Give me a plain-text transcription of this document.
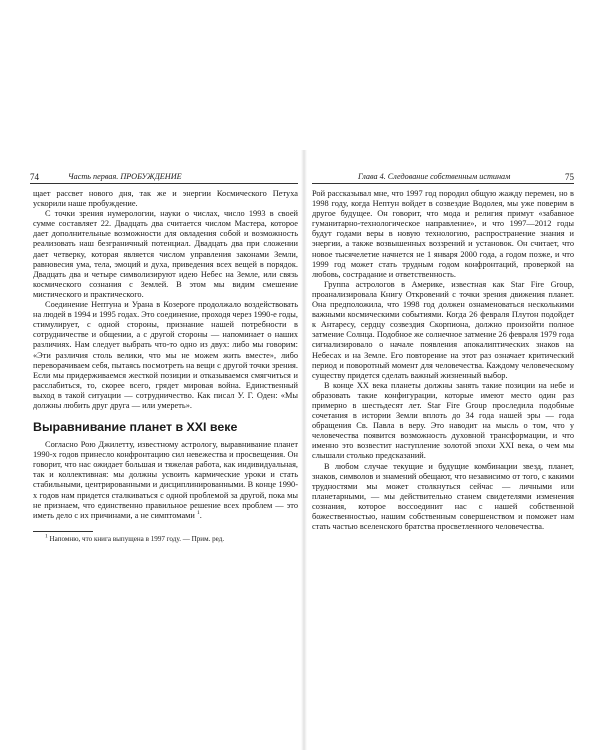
74	Часть первая. ПРОБУЖДЕНИЕ

щает рассвет нового дня, так же и энергии Космического Петуха ускорили наше пробуждение.

С точки зрения нумерологии, науки о числах, число 1993 в своей сумме составляет 22. Двадцать два считается числом Мастера, которое дает дополнительные возможности для овладения собой и возможность реализовать наш безграничный потенциал. Двадцать два при сложении дает четверку, которая является числом управления законами Земли, равновесия ума, тела, эмоций и духа, приведения всех вещей в порядок. Двадцать два и четыре символизируют идею Небес на Земле, или связь космического сознания с Землей. В этом мы видим смешение мистического и практического.

Соединение Нептуна и Урана в Козероге продолжало воздействовать на людей в 1994 и 1995 годах. Это соединение, проходя через 1990-е годы, стимулирует, с одной стороны, признание нашей потребности в сотрудничестве и общении, а с другой стороны — напоминает о наших различиях. Нам следует выбрать что-то одно из двух: либо мы говорим: «Эти различия столь велики, что мы не можем жить вместе», либо переворачиваем себя, пытаясь посмотреть на вещи с другой точки зрения. Если мы придерживаемся жесткой позиции и отказываемся смягчиться и расслабиться, то, скорее всего, грядет мировая война. Единственный выход в такой ситуации — сотрудничество. Как писал У. Г. Оден: «Мы должны любить друг друга — или умереть».

Выравнивание планет в XXI веке

Согласно Рою Джилетту, известному астрологу, выравнивание планет 1990-х годов принесло конфронтацию сил невежества и просвещения. Он говорит, что нас ожидает большая и тяжелая работа, как индивидуальная, так и коллективная: мы должны усвоить кармические уроки и стать стабильными, центрированными и дисциплинированными. В конце 1990-х годов нам придется сталкиваться с одной проблемой за другой, пока мы не признаем, что единственно правильное решение всех проблем — это иметь дело с их причинами, а не симптомами $^1$.

$^1$ Напомню, что книга выпущена в 1997 году. — Прим. ред.

Глава 4. Следование собственным истинам	75

Рой рассказывал мне, что 1997 год породил общую жажду перемен, но в 1998 году, когда Нептун войдет в созвездие Водолея, мы уже поверим в другое будущее. Он говорит, что мода и религия примут «забавное гуманитарно-технологическое направление», и что 1997—2012 годы будут годами веры в новую технологию, распространение знания и энергии, а также возвышенных воззрений и установок. Он считает, что новое тысячелетие начнется не 1 января 2000 года, а годом позже, и что 1999 год может стать трудным годом конфронтаций, проверкой на любовь, сострадание и ответственность.

Группа астрологов в Америке, известная как Star Fire Group, проанализировала Книгу Откровений с точки зрения движения планет. Она предположила, что 1998 год должен ознаменоваться несколькими важными космическими событиями. Когда 26 февраля Плутон подойдет к Антаресу, сердцу созвездия Скорпиона, должно произойти полное затмение Солнца. Подобное же солнечное затмение 26 февраля 1979 года сигнализировало о начале появления апокалиптических знаков на Небесах и на Земле. Его повторение на этот раз означает критический период и поворотный момент для человечества. Каждому человеческому существу придется сделать важный жизненный выбор.

В конце XX века планеты должны занять такие позиции на небе и образовать такие конфигурации, которые имеют место один раз примерно в шестьдесят лет. Star Fire Group проследила подобные сочетания в истории Земли вплоть до 34 года нашей эры — года обращения Св. Павла в веру. Это наводит на мысль о том, что у человечества появится возможность духовной трансформации, и что именно это возвестит наступление золотой эпохи XXI века, о чем мы слышали столько предсказаний.

В любом случае текущие и будущие комбинации звезд, планет, знаков, символов и знамений обещают, что независимо от того, с какими трудностями мы может столкнуться сейчас — личными или планетарными, — мы действительно станем свидетелями изменения сознания, которое воссоединит нас с нашей собственной божественностью, нашим собственным совершенством и поможет нам стать частью вселенского братства просветленного человечества.
